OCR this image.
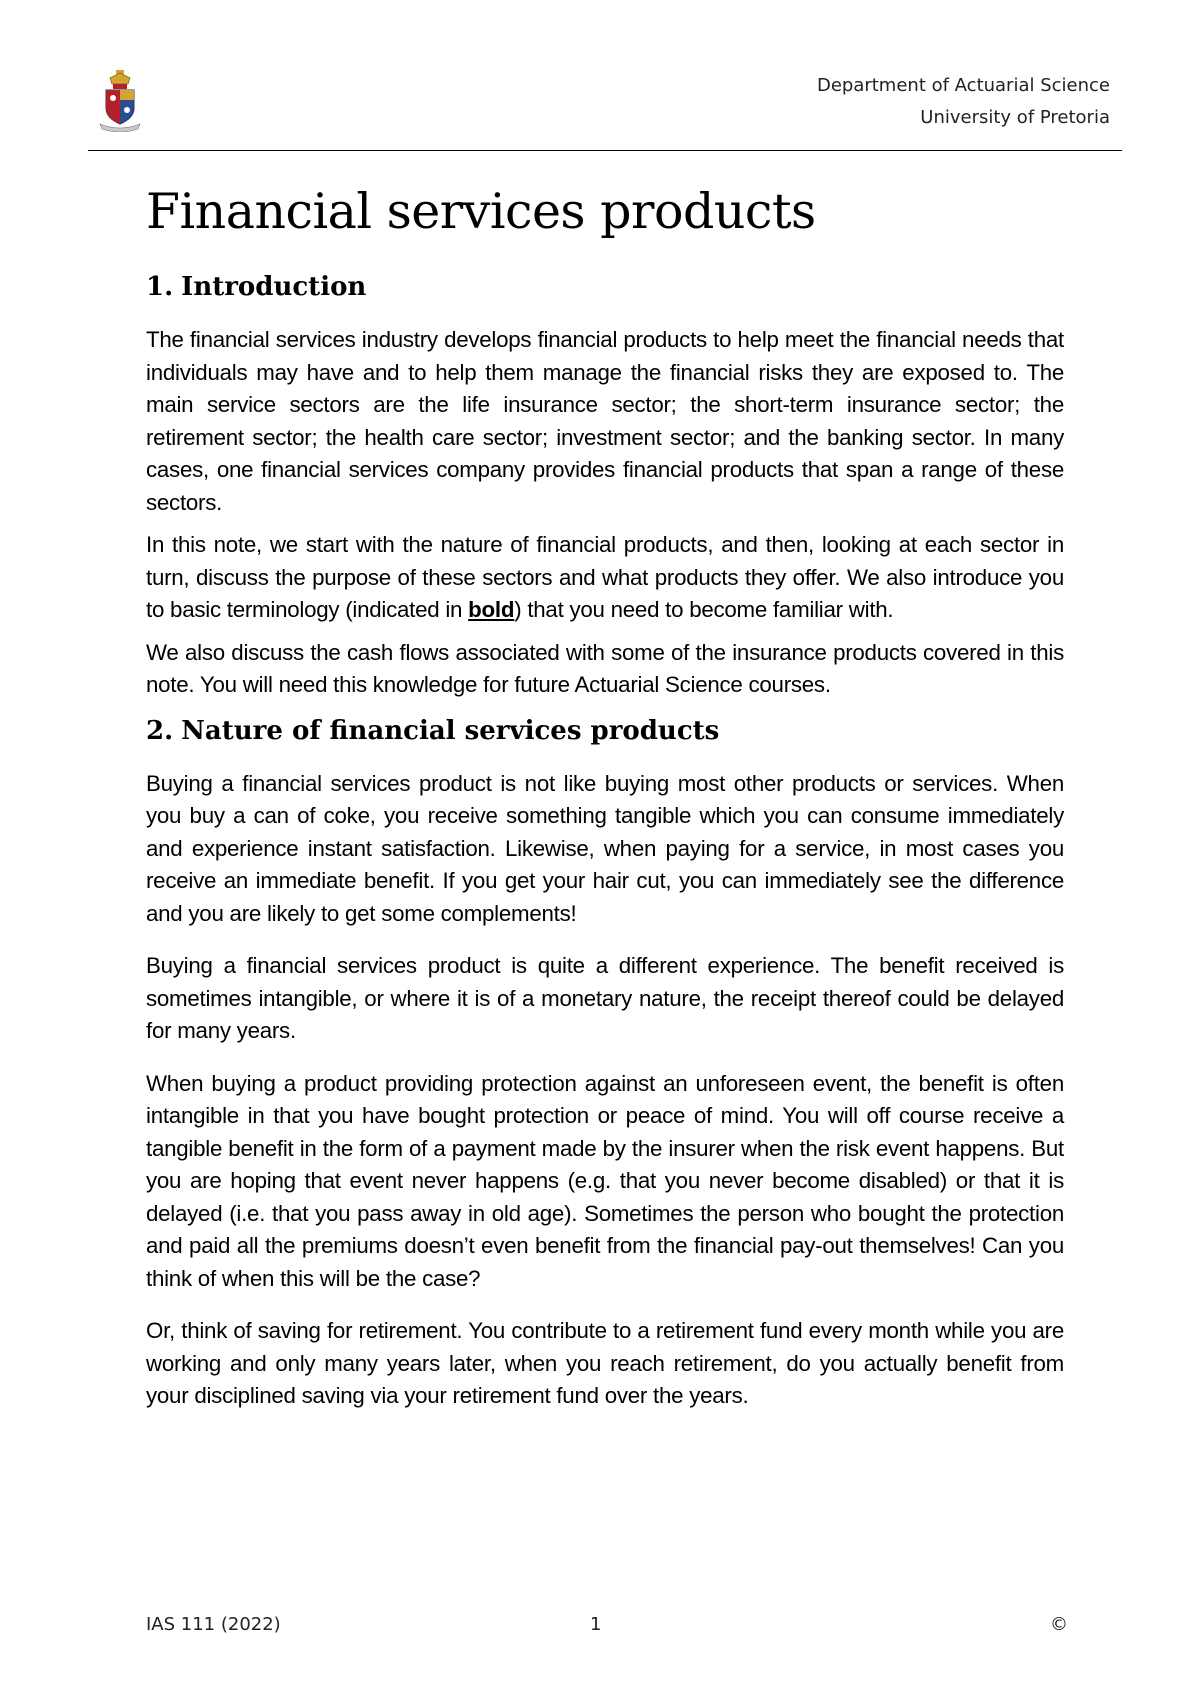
Department of Actuarial Science
University of Pretoria
Financial services products
1. Introduction

The financial services industry develops financial products to help meet the financial needs that individuals may have and to help them manage the financial risks they are exposed to. The main service sectors are the life insurance sector; the short-term insurance sector; the retirement sector; the health care sector; investment sector; and the banking sector. In many cases, one financial services company provides financial products that span a range of these sectors.

In this note, we start with the nature of financial products, and then, looking at each sector in turn, discuss the purpose of these sectors and what products they offer. We also introduce you to basic terminology (indicated in bold) that you need to become familiar with.

We also discuss the cash flows associated with some of the insurance products covered in this note. You will need this knowledge for future Actuarial Science courses.

2. Nature of financial services products

Buying a financial services product is not like buying most other products or services. When you buy a can of coke, you receive something tangible which you can consume immediately and experience instant satisfaction. Likewise, when paying for a service, in most cases you receive an immediate benefit. If you get your hair cut, you can immediately see the difference and you are likely to get some complements!

Buying a financial services product is quite a different experience. The benefit received is sometimes intangible, or where it is of a monetary nature, the receipt thereof could be delayed for many years.

When buying a product providing protection against an unforeseen event, the benefit is often intangible in that you have bought protection or peace of mind. You will off course receive a tangible benefit in the form of a payment made by the insurer when the risk event happens. But you are hoping that event never happens (e.g. that you never become disabled) or that it is delayed (i.e. that you pass away in old age). Sometimes the person who bought the protection and paid all the premiums doesn’t even benefit from the financial pay-out themselves! Can you think of when this will be the case?

Or, think of saving for retirement. You contribute to a retirement fund every month while you are working and only many years later, when you reach retirement, do you actually benefit from your disciplined saving via your retirement fund over the years.

IAS 111 (2022)	1	©
